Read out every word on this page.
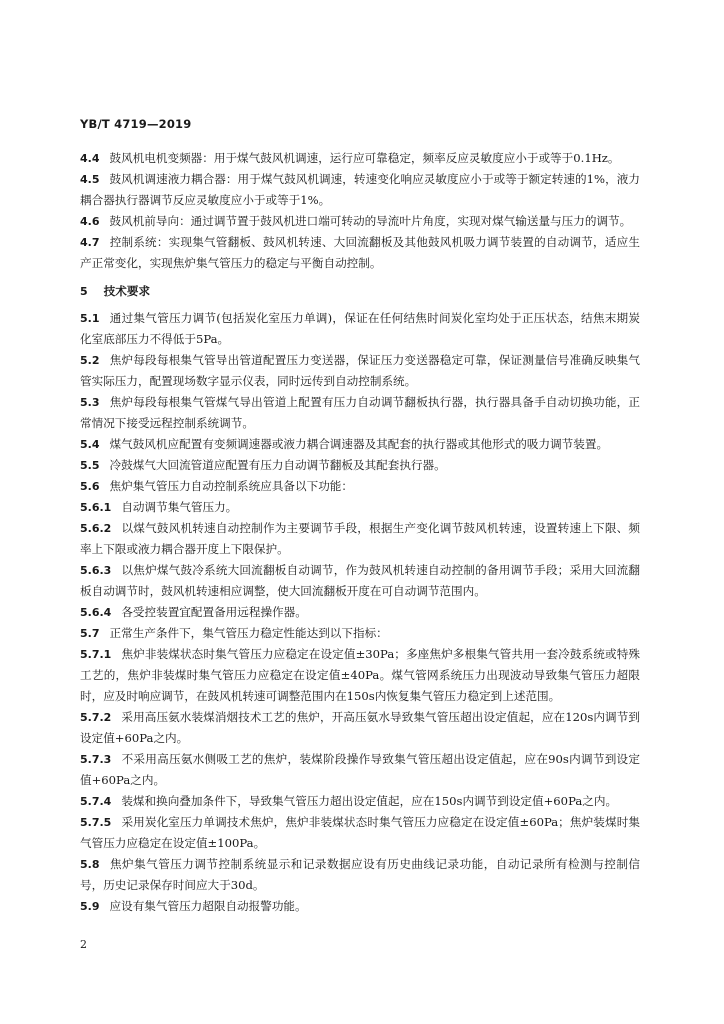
YB/T 4719—2019

4.4 鼓风机电机变频器：用于煤气鼓风机调速，运行应可靠稳定，频率反应灵敏度应小于或等于0.1Hz。

4.5 鼓风机调速液力耦合器：用于煤气鼓风机调速，转速变化响应灵敏度应小于或等于额定转速的1%，液力耦合器执行器调节反应灵敏度应小于或等于1%。

4.6 鼓风机前导向：通过调节置于鼓风机进口端可转动的导流叶片角度，实现对煤气输送量与压力的调节。

4.7 控制系统：实现集气管翻板、鼓风机转速、大回流翻板及其他鼓风机吸力调节装置的自动调节，适应生产正常变化，实现焦炉集气管压力的稳定与平衡自动控制。

5 技术要求

5.1 通过集气管压力调节(包括炭化室压力单调)，保证在任何结焦时间炭化室均处于正压状态，结焦末期炭化室底部压力不得低于5Pa。

5.2 焦炉每段每根集气管导出管道配置压力变送器，保证压力变送器稳定可靠，保证测量信号准确反映集气管实际压力，配置现场数字显示仪表，同时远传到自动控制系统。

5.3 焦炉每段每根集气管煤气导出管道上配置有压力自动调节翻板执行器，执行器具备手自动切换功能，正常情况下接受远程控制系统调节。

5.4 煤气鼓风机应配置有变频调速器或液力耦合调速器及其配套的执行器或其他形式的吸力调节装置。

5.5 冷鼓煤气大回流管道应配置有压力自动调节翻板及其配套执行器。

5.6 焦炉集气管压力自动控制系统应具备以下功能：

5.6.1 自动调节集气管压力。

5.6.2 以煤气鼓风机转速自动控制作为主要调节手段，根据生产变化调节鼓风机转速，设置转速上下限、频率上下限或液力耦合器开度上下限保护。

5.6.3 以焦炉煤气鼓冷系统大回流翻板自动调节，作为鼓风机转速自动控制的备用调节手段；采用大回流翻板自动调节时，鼓风机转速相应调整，使大回流翻板开度在可自动调节范围内。

5.6.4 各受控装置宜配置备用远程操作器。

5.7 正常生产条件下，集气管压力稳定性能达到以下指标：

5.7.1 焦炉非装煤状态时集气管压力应稳定在设定值±30Pa；多座焦炉多根集气管共用一套冷鼓系统或特殊工艺的，焦炉非装煤时集气管压力应稳定在设定值±40Pa。煤气管网系统压力出现波动导致集气管压力超限时，应及时响应调节，在鼓风机转速可调整范围内在150s内恢复集气管压力稳定到上述范围。

5.7.2 采用高压氨水装煤消烟技术工艺的焦炉，开高压氨水导致集气管压超出设定值起，应在120s内调节到设定值+60Pa之内。

5.7.3 不采用高压氨水侧吸工艺的焦炉，装煤阶段操作导致集气管压超出设定值起，应在90s内调节到设定值+60Pa之内。

5.7.4 装煤和换向叠加条件下，导致集气管压力超出设定值起，应在150s内调节到设定值+60Pa之内。

5.7.5 采用炭化室压力单调技术焦炉，焦炉非装煤状态时集气管压力应稳定在设定值±60Pa；焦炉装煤时集气管压力应稳定在设定值±100Pa。

5.8 焦炉集气管压力调节控制系统显示和记录数据应设有历史曲线记录功能，自动记录所有检测与控制信号，历史记录保存时间应大于30d。

5.9 应设有集气管压力超限自动报警功能。

2
